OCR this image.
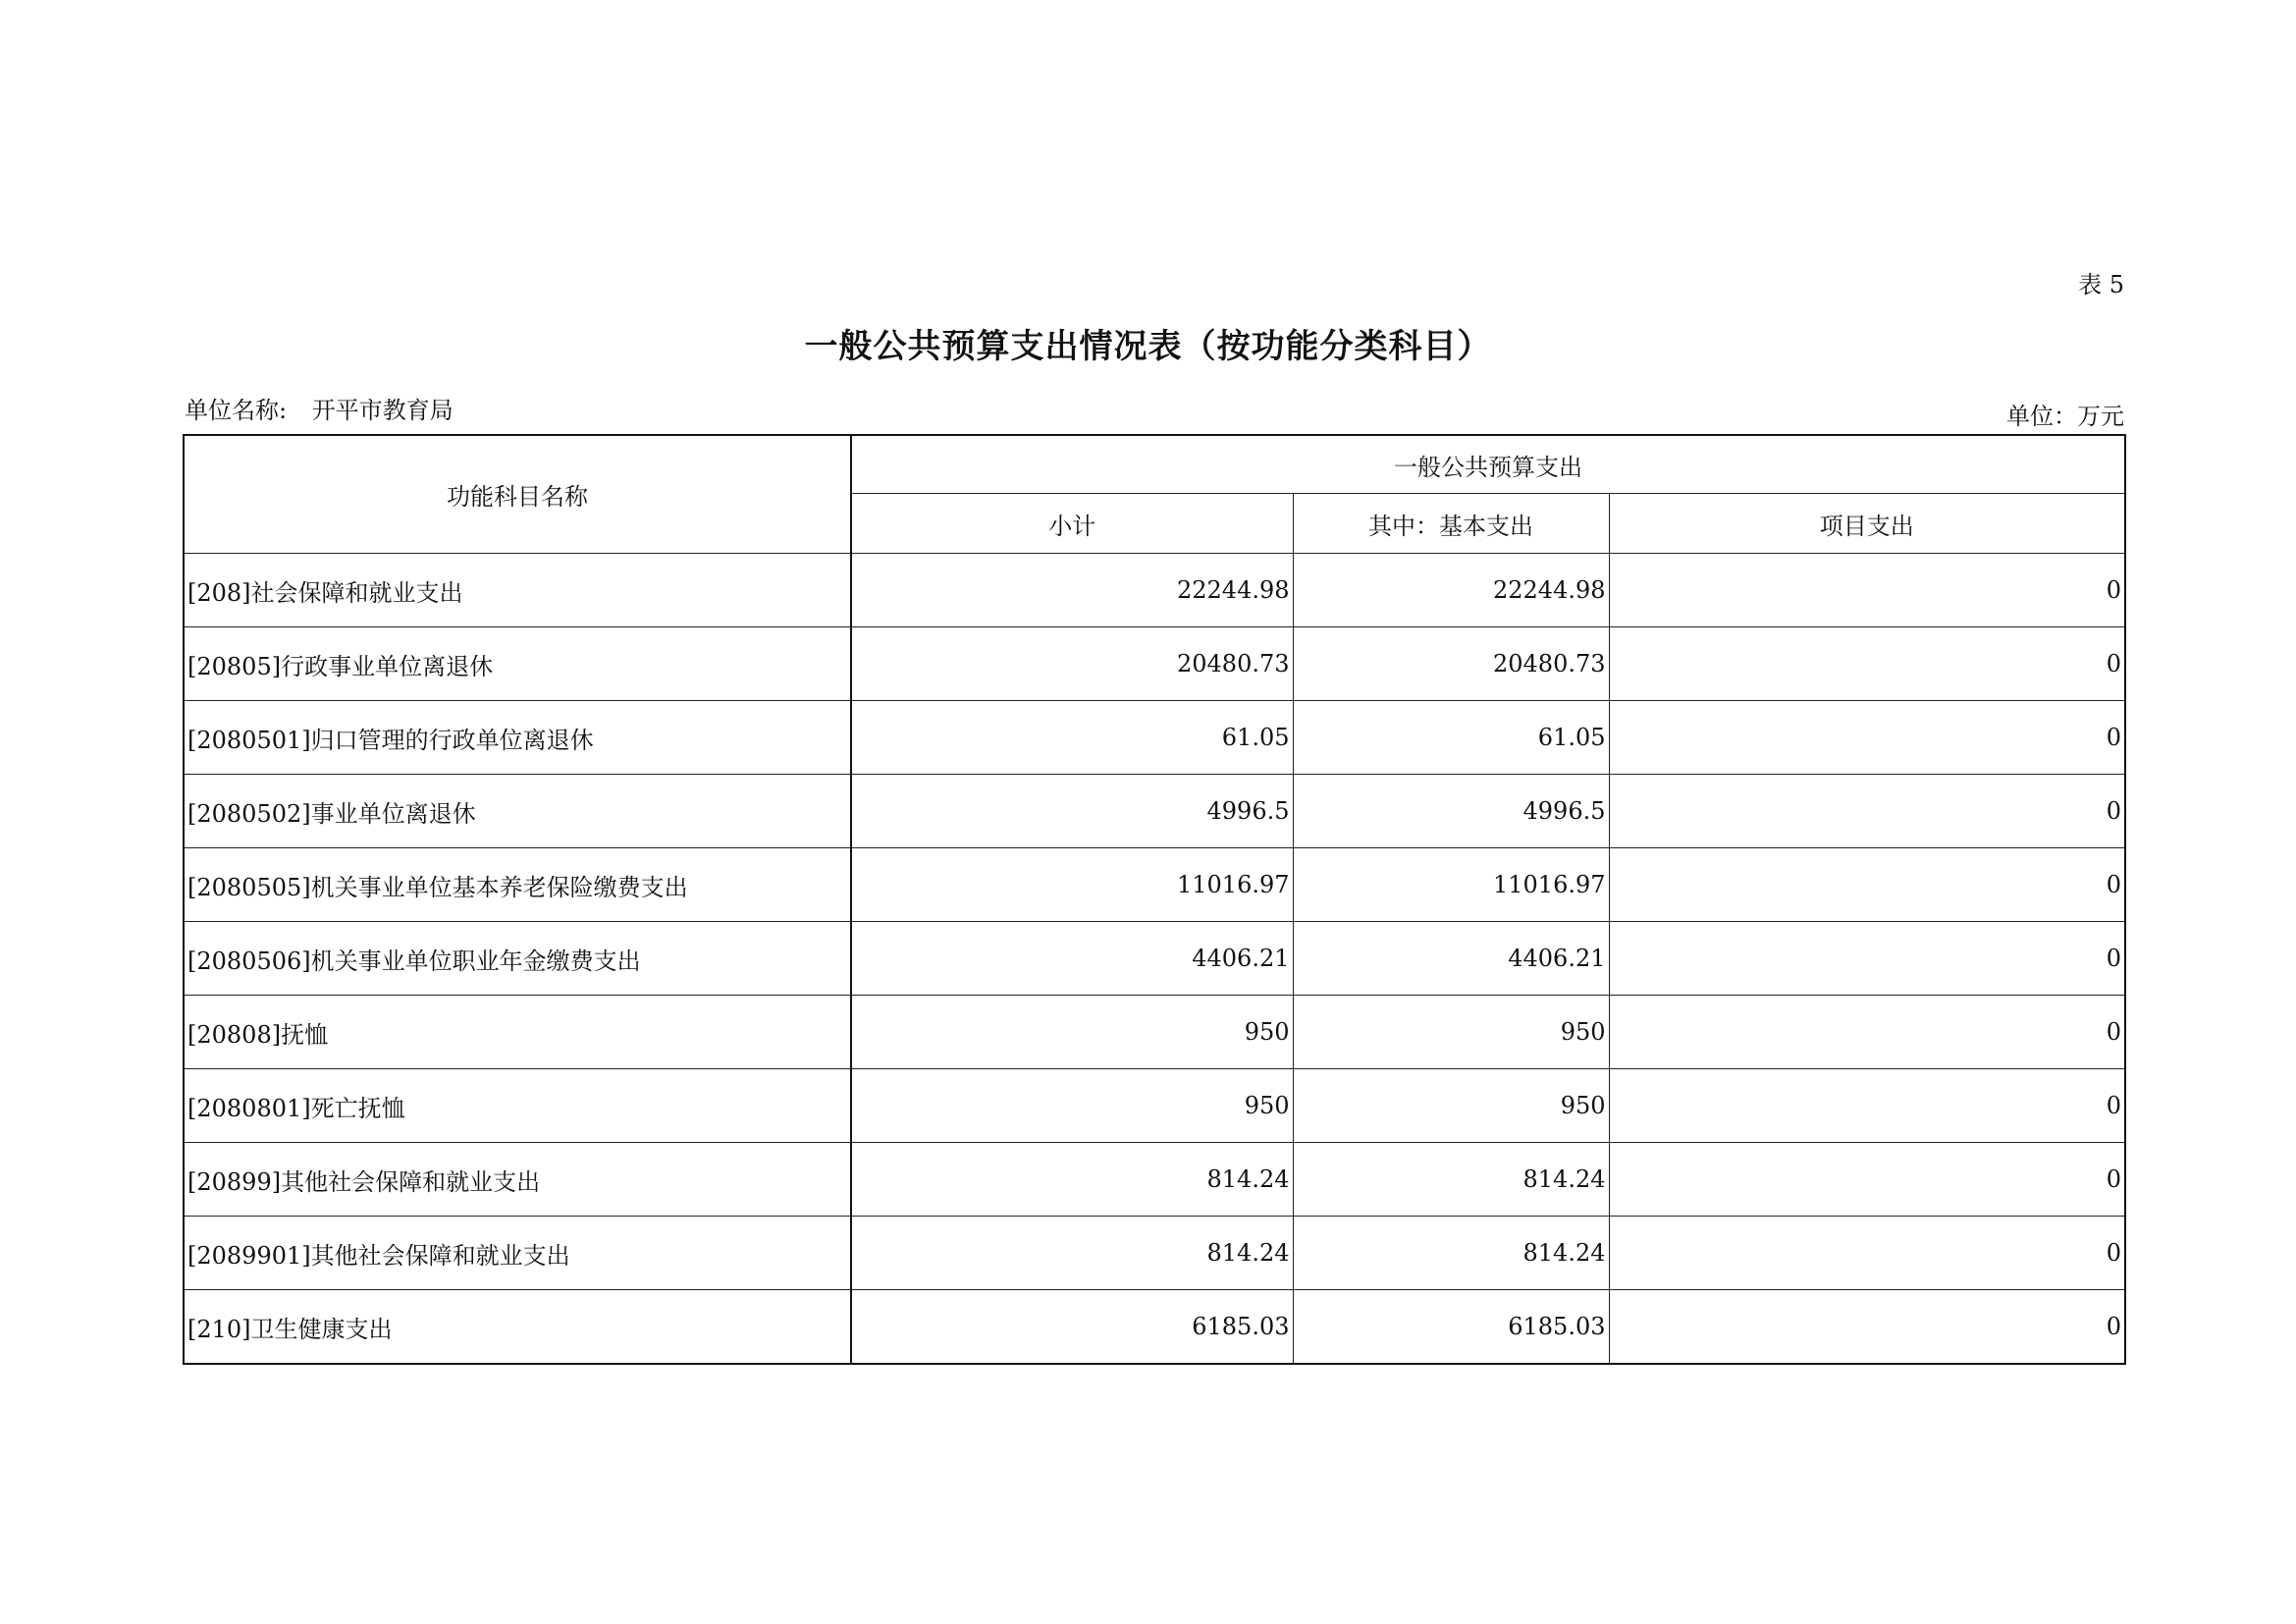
表 5
一般公共预算支出情况表（按功能分类科目）
单位名称: 开平市教育局	单位：万元
功能科目名称	一般公共预算支出		
	小计	其中：基本支出	项目支出
[208]社会保障和就业支出	22244.98	22244.98	0
[20805]行政事业单位离退休	20480.73	20480.73	0
[2080501]归口管理的行政单位离退休	61.05	61.05	0
[2080502]事业单位离退休	4996.5	4996.5	0
[2080505]机关事业单位基本养老保险缴费支出	11016.97	11016.97	0
[2080506]机关事业单位职业年金缴费支出	4406.21	4406.21	0
[20808]抚恤	950	950	0
[2080801]死亡抚恤	950	950	0
[20899]其他社会保障和就业支出	814.24	814.24	0
[2089901]其他社会保障和就业支出	814.24	814.24	0
[210]卫生健康支出	6185.03	6185.03	0
